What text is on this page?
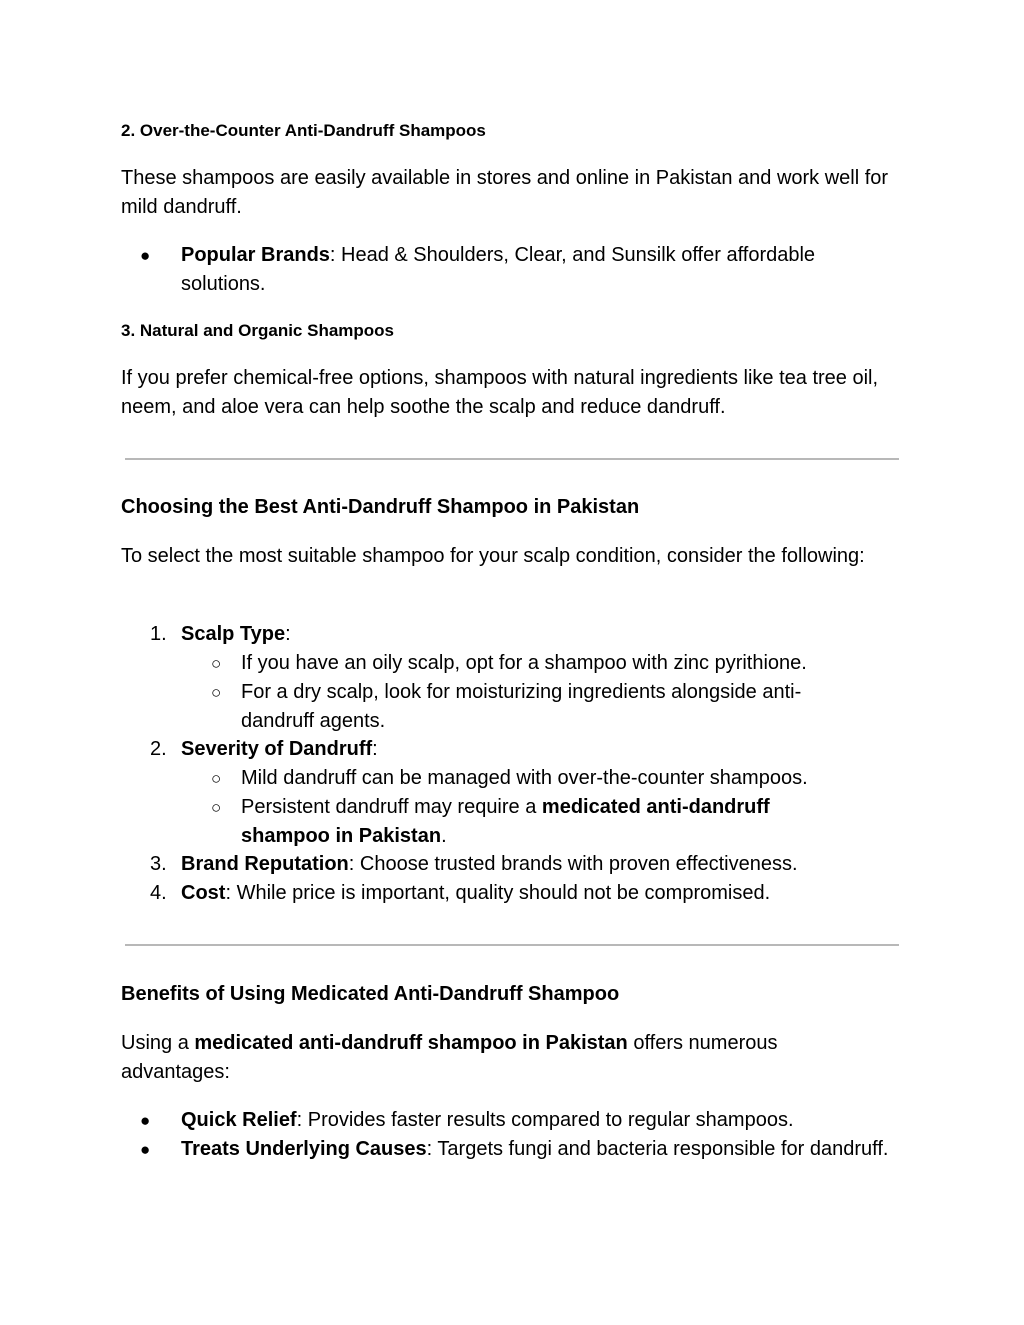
2. Over-the-Counter Anti-Dandruff Shampoos

These shampoos are easily available in stores and online in Pakistan and work well for mild dandruff.

● Popular Brands: Head & Shoulders, Clear, and Sunsilk offer affordable solutions.

3. Natural and Organic Shampoos

If you prefer chemical-free options, shampoos with natural ingredients like tea tree oil, neem, and aloe vera can help soothe the scalp and reduce dandruff.

Choosing the Best Anti-Dandruff Shampoo in Pakistan

To select the most suitable shampoo for your scalp condition, consider the following:

1. Scalp Type:

○ If you have an oily scalp, opt for a shampoo with zinc pyrithione.

○ For a dry scalp, look for moisturizing ingredients alongside anti-dandruff agents.

2. Severity of Dandruff:

○ Mild dandruff can be managed with over-the-counter shampoos.

○ Persistent dandruff may require a medicated anti-dandruff shampoo in Pakistan.

3. Brand Reputation: Choose trusted brands with proven effectiveness.

4. Cost: While price is important, quality should not be compromised.

Benefits of Using Medicated Anti-Dandruff Shampoo

Using a medicated anti-dandruff shampoo in Pakistan offers numerous advantages:

● Quick Relief: Provides faster results compared to regular shampoos.

● Treats Underlying Causes: Targets fungi and bacteria responsible for dandruff.
